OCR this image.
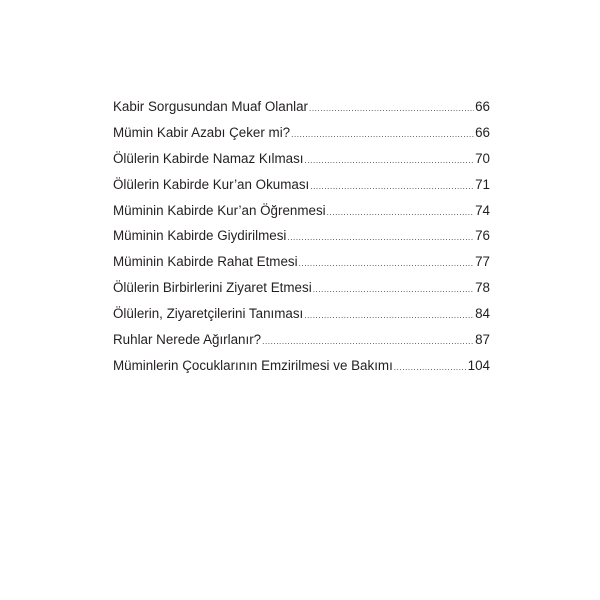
Kabir Sorgusundan Muaf Olanlar .....	66
Mümin Kabir Azabı Çeker mi? .....	66
Ölülerin Kabirde Namaz Kılması .....	70
Ölülerin Kabirde Kur’an Okuması .....	71
Müminin Kabirde Kur’an Öğrenmesi .....	74
Müminin Kabirde Giydirilmesi .....	76
Müminin Kabirde Rahat Etmesi .....	77
Ölülerin Birbirlerini Ziyaret Etmesi .....	78
Ölülerin, Ziyaretçilerini Tanıması .....	84
Ruhlar Nerede Ağırlanır? .....	87
Müminlerin Çocuklarının Emzirilmesi ve Bakımı .....	104
